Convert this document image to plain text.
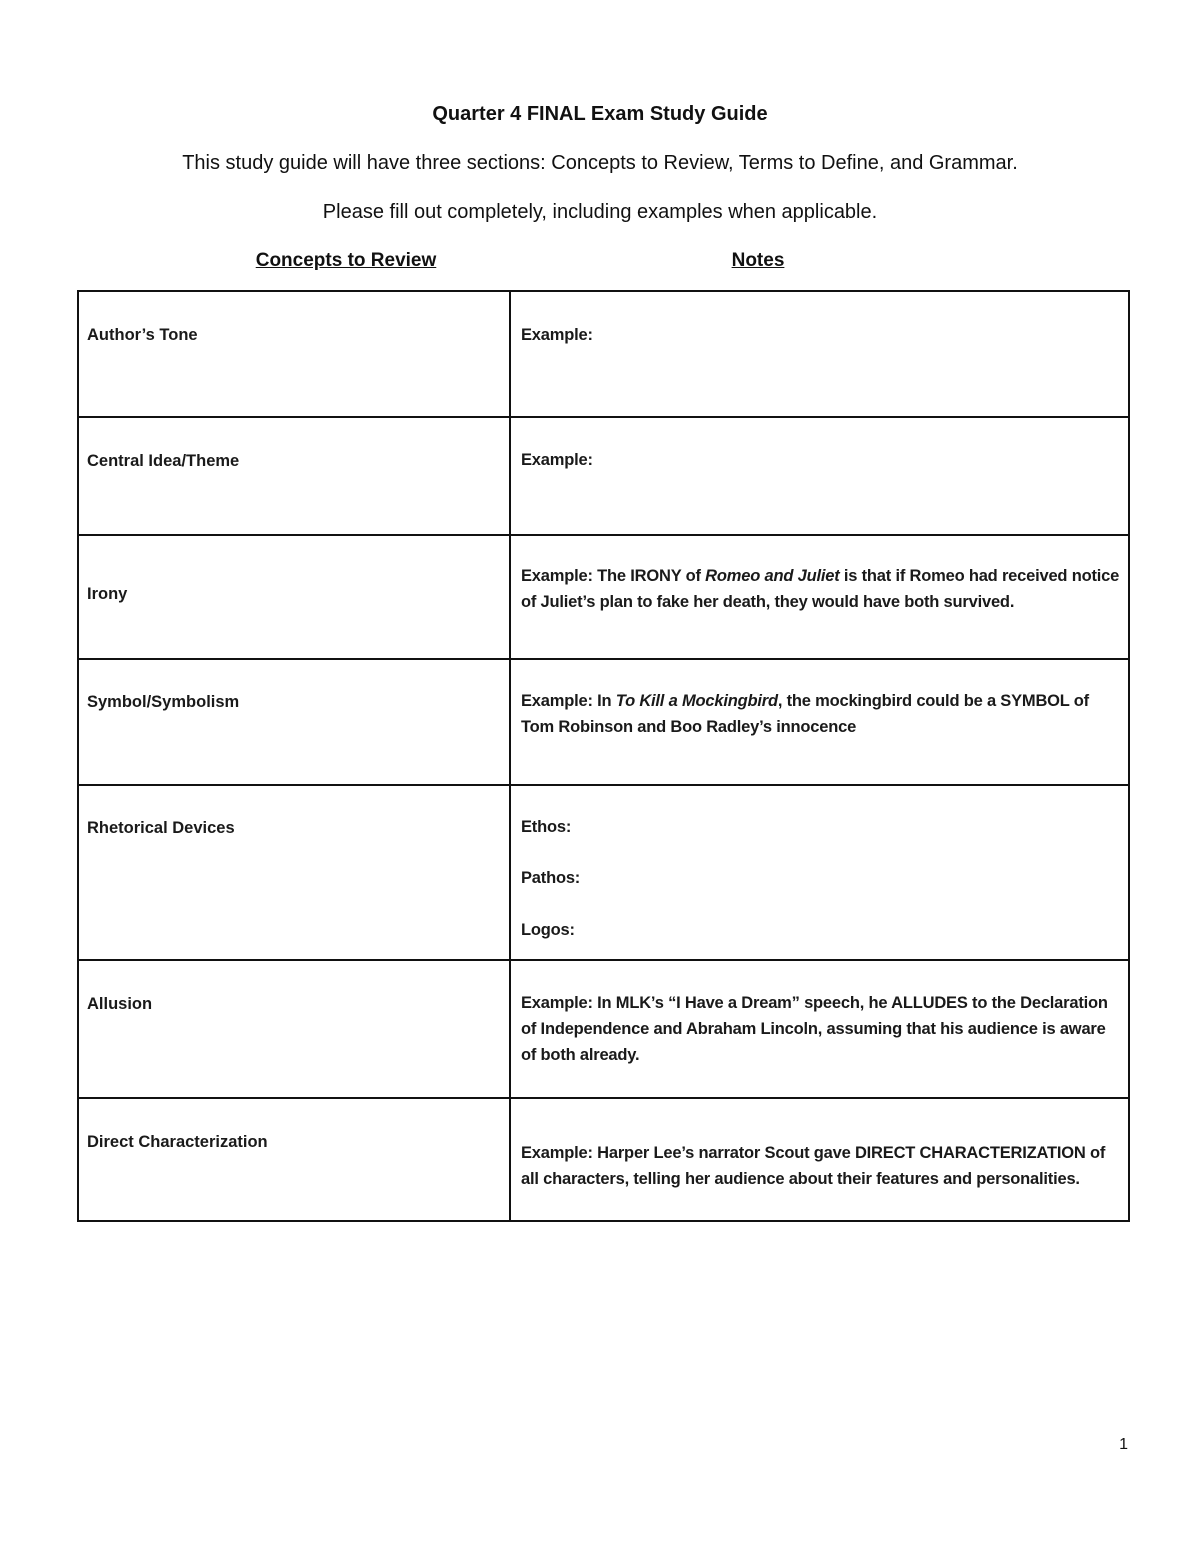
Quarter 4 FINAL Exam Study Guide
This study guide will have three sections: Concepts to Review, Terms to Define, and Grammar.
Please fill out completely, including examples when applicable.
Concepts to Review	Notes
Author’s Tone	Example:

Central Idea/Theme	Example:

Irony	Example: The IRONY of Romeo and Juliet is that if Romeo had received notice of Juliet’s plan to fake her death, they would have both survived.

Symbol/Symbolism	Example: In To Kill a Mockingbird, the mockingbird could be a SYMBOL of Tom Robinson and Boo Radley’s innocence

Rhetorical Devices	Ethos:
Pathos:
Logos:

Allusion	Example: In MLK’s “I Have a Dream” speech, he ALLUDES to the Declaration of Independence and Abraham Lincoln, assuming that his audience is aware of both already.

Direct Characterization	Example: Harper Lee’s narrator Scout gave DIRECT CHARACTERIZATION of all characters, telling her audience about their features and personalities.
1
